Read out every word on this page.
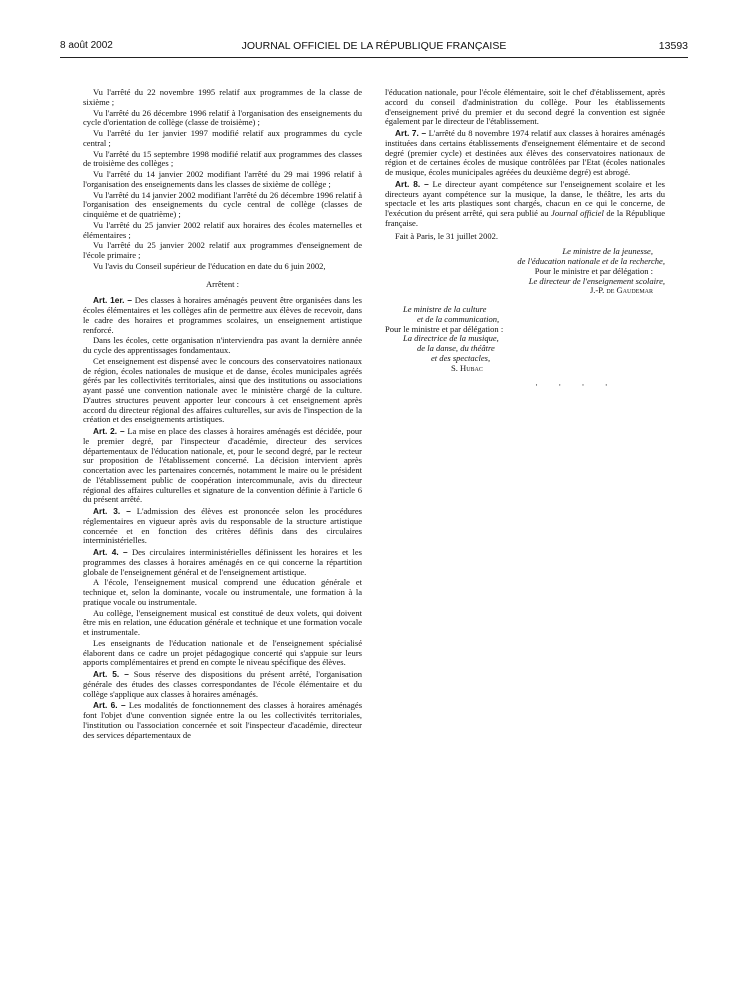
8 août 2002	JOURNAL OFFICIEL DE LA RÉPUBLIQUE FRANÇAISE	13593

Vu l'arrêté du 22 novembre 1995 relatif aux programmes de la classe de sixième ;

Vu l'arrêté du 26 décembre 1996 relatif à l'organisation des enseignements du cycle d'orientation de collège (classe de troisième) ;

Vu l'arrêté du 1er janvier 1997 modifié relatif aux programmes du cycle central ;

Vu l'arrêté du 15 septembre 1998 modifié relatif aux programmes des classes de troisième des collèges ;

Vu l'arrêté du 14 janvier 2002 modifiant l'arrêté du 29 mai 1996 relatif à l'organisation des enseignements dans les classes de sixième de collège ;

Vu l'arrêté du 14 janvier 2002 modifiant l'arrêté du 26 décembre 1996 relatif à l'organisation des enseignements du cycle central de collège (classes de cinquième et de quatrième) ;

Vu l'arrêté du 25 janvier 2002 relatif aux horaires des écoles maternelles et élémentaires ;

Vu l'arrêté du 25 janvier 2002 relatif aux programmes d'enseignement de l'école primaire ;

Vu l'avis du Conseil supérieur de l'éducation en date du 6 juin 2002,

Arrêtent :

Art. 1er. – Des classes à horaires aménagés peuvent être organisées dans les écoles élémentaires et les collèges afin de permettre aux élèves de recevoir, dans le cadre des horaires et programmes scolaires, un enseignement artistique renforcé.

Dans les écoles, cette organisation n'interviendra pas avant la dernière année du cycle des apprentissages fondamentaux.

Cet enseignement est dispensé avec le concours des conservatoires nationaux de région, écoles nationales de musique et de danse, écoles municipales agréés gérés par les collectivités territoriales, ainsi que des institutions ou associations ayant passé une convention nationale avec le ministère chargé de la culture. D'autres structures peuvent apporter leur concours à cet enseignement après accord du directeur régional des affaires culturelles, sur avis de l'inspection de la création et des enseignements artistiques.

Art. 2. – La mise en place des classes à horaires aménagés est décidée, pour le premier degré, par l'inspecteur d'académie, directeur des services départementaux de l'éducation nationale, et, pour le second degré, par le recteur sur proposition de l'établissement concerné. La décision intervient après concertation avec les partenaires concernés, notamment le maire ou le président de l'établissement public de coopération intercommunale, avis du directeur régional des affaires culturelles et signature de la convention définie à l'article 6 du présent arrêté.

Art. 3. – L'admission des élèves est prononcée selon les procédures réglementaires en vigueur après avis du responsable de la structure artistique concernée et en fonction des critères définis dans des circulaires interministérielles.

Art. 4. – Des circulaires interministérielles définissent les horaires et les programmes des classes à horaires aménagés en ce qui concerne la répartition globale de l'enseignement général et de l'enseignement artistique.

A l'école, l'enseignement musical comprend une éducation générale et technique et, selon la dominante, vocale ou instrumentale, une formation à la pratique vocale ou instrumentale.

Au collège, l'enseignement musical est constitué de deux volets, qui doivent être mis en relation, une éducation générale et technique et une formation vocale et instrumentale.

Les enseignants de l'éducation nationale et de l'enseignement spécialisé élaborent dans ce cadre un projet pédagogique concerté qui s'appuie sur leurs apports complémentaires et prend en compte le niveau spécifique des élèves.

Art. 5. – Sous réserve des dispositions du présent arrêté, l'organisation générale des études des classes correspondantes de l'école élémentaire et du collège s'applique aux classes à horaires aménagés.

Art. 6. – Les modalités de fonctionnement des classes à horaires aménagés font l'objet d'une convention signée entre la ou les collectivités territoriales, l'institution ou l'association concernée et soit l'inspecteur d'académie, directeur des services départementaux de

l'éducation nationale, pour l'école élémentaire, soit le chef d'établissement, après accord du conseil d'administration du collège. Pour les établissements d'enseignement privé du premier et du second degré la convention est signée également par le directeur de l'établissement.

Art. 7. – L'arrêté du 8 novembre 1974 relatif aux classes à horaires aménagés instituées dans certains établissements d'enseignement élémentaire et de second degré (premier cycle) et destinées aux élèves des conservatoires nationaux de région et de certaines écoles de musique contrôlées par l'Etat (écoles nationales de musique, écoles municipales agréées du deuxième degré) est abrogé.

Art. 8. – Le directeur ayant compétence sur l'enseignement scolaire et les directeurs ayant compétence sur la musique, la danse, le théâtre, les arts du spectacle et les arts plastiques sont chargés, chacun en ce qui le concerne, de l'exécution du présent arrêté, qui sera publié au Journal officiel de la République française.

Fait à Paris, le 31 juillet 2002.

Le ministre de la jeunesse,
de l'éducation nationale et de la recherche,
Pour le ministre et par délégation :
Le directeur de l'enseignement scolaire,
J.-P. de Gaudemar
Le ministre de la culture
et de la communication,
Pour le ministre et par délégation :
La directrice de la musique,
de la danse, du théâtre
et des spectacles,
S. Hubac
· · · ·
